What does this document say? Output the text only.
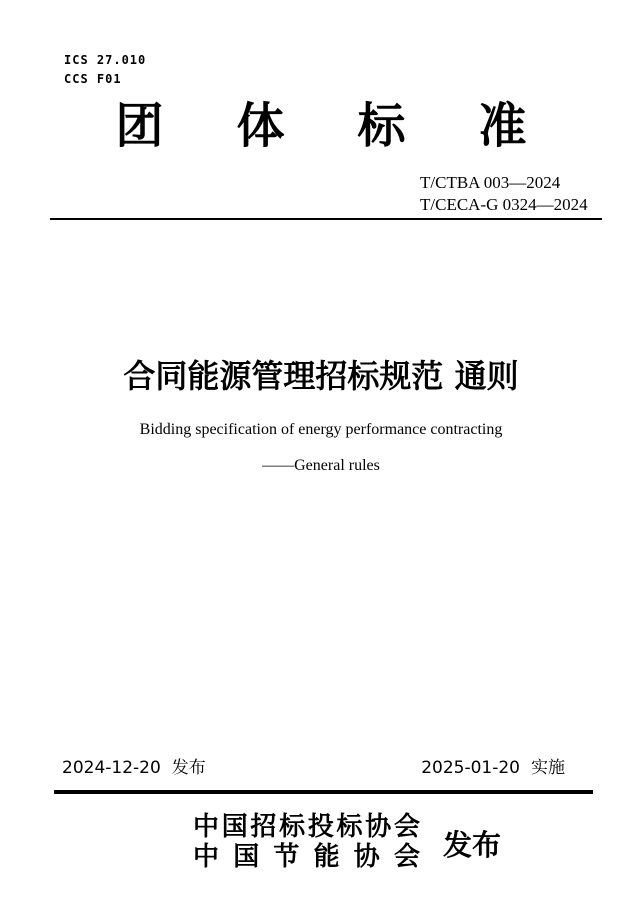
ICS 27.010
CCS F01
团体标准
T/CTBA 003—2024
T/CECA-G 0324—2024
合同能源管理招标规范 通则
Bidding specification of energy performance contracting
——General rules
2024-12-20 发布	2025-01-20 实施
中国招标投标协会
中国节能协会 发布
